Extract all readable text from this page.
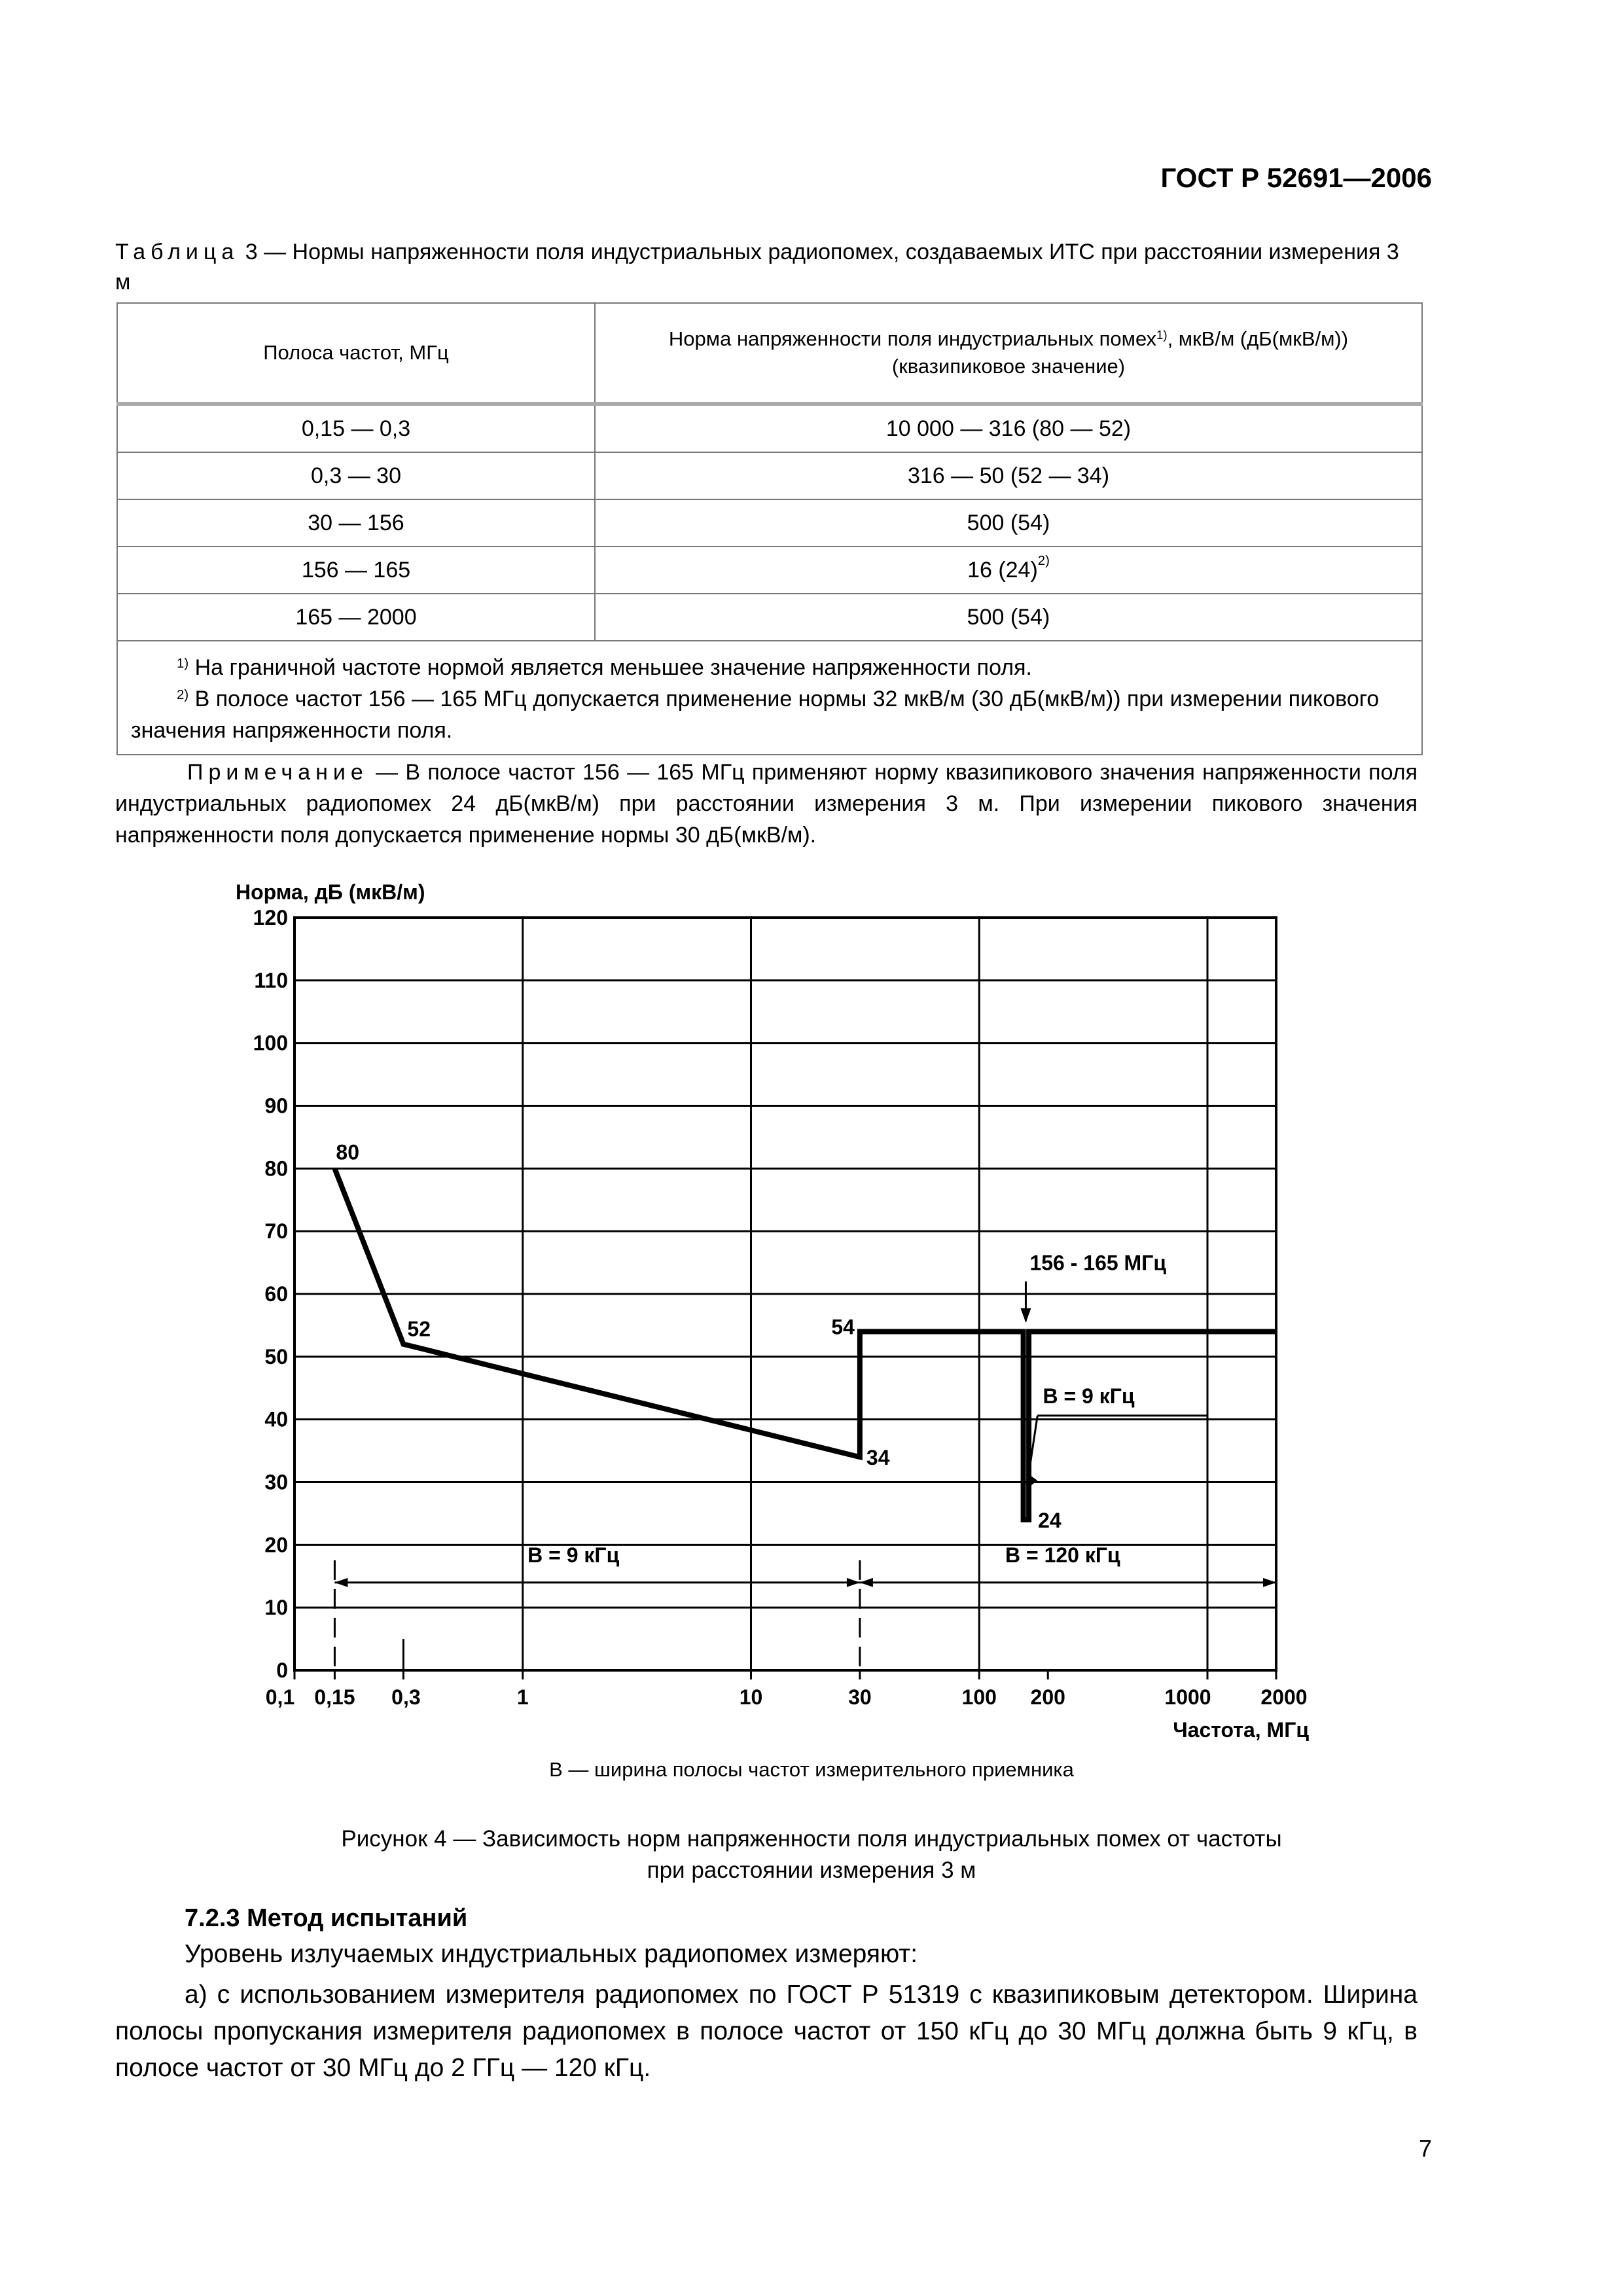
ГОСТ Р 52691—2006
Таблица 3 — Нормы напряженности поля индустриальных радиопомех, создаваемых ИТС при расстоянии измерения 3 м
Полоса частот, МГц	Норма напряженности поля индустриальных помех$^{1)}$, мкВ/м (дБ(мкВ/м))
(квазипиковое значение)
0,15 — 0,3	10 000 — 316 (80 — 52)
0,3 — 30	316 — 50 (52 — 34)
30 — 156	500 (54)
156 — 165	16 $(24)^{2)}$
165 — 2000	500 (54)

$^{1)}$ На граничной частоте нормой является меньшее значение напряженности поля.
$^{2)}$ В полосе частот 156 — 165 МГц допускается применение нормы 32 мкВ/м (30 дБ(мкВ/м)) при измерении пикового значения напряженности поля.	
Примечание — В полосе частот 156 — 165 МГц применяют норму квазипикового значения напряженности поля индустриальных радиопомех 24 дБ(мкВ/м) при расстоянии измерения 3 м. При измерении пикового значения напряженности поля допускается применение нормы 30 дБ(мкВ/м).
0
10
20
30
40
50
60
70
80
90
100
110
120
0,1 0,15 0,3	1	10	30	100 200	1000 2000
Норма, дБ (мкВ/м)
Частота, МГц
80
52	54
34
24
156 - 165 МГц
В = 9 кГц
В = 9 кГц	В = 120 кГц
В — ширина полосы частот измерительного приемника
Рисунок 4 — Зависимость норм напряженности поля индустриальных помех от частоты
при расстоянии измерения 3 м
7.2.3 Метод испытаний
Уровень излучаемых индустриальных радиопомех измеряют:
а) с использованием измерителя радиопомех по ГОСТ Р 51319 с квазипиковым детектором. Ширина полосы пропускания измерителя радиопомех в полосе частот от 150 кГц до 30 МГц должна быть 9 кГц, в полосе частот от 30 МГц до 2 ГГц — 120 кГц.
7
